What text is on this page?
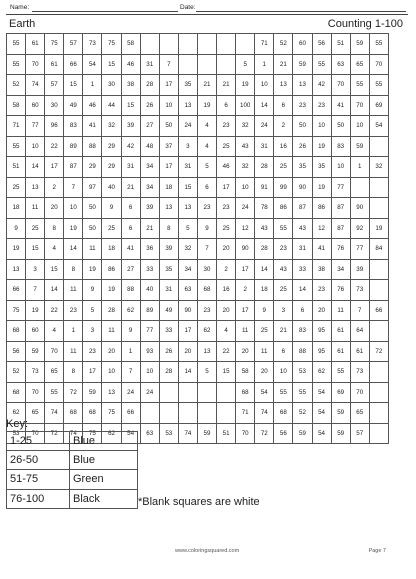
Name:	Date:
Earth	Counting 1-100
55	61	75	57	73	75	58							71	52	60	56	51	59	55
55	70	61	66	54	15	46	31	7				5	1	21	59	55	63	65	70
52	74	57	15	1	30	38	28	17	35	21	21	19	10	13	13	42	70	55	55
58	60	30	49	46	44	15	26	10	13	19	6	100	14	6	23	23	41	70	69
71	77	96	83	41	32	39	27	50	24	4	23	32	24	2	50	10	50	10	54
55	10	22	89	88	29	42	48	37	3	4	25	43	31	16	26	19	83	59	
51	14	17	87	29	29	31	34	17	31	5	46	32	28	25	35	35	10	1	32
25	13	2	7	97	40	21	34	18	15	6	17	10	91	99	90	19	77		
18	11	20	10	50	9	6	39	13	13	23	23	24	78	86	87	86	87	90	
9	25	8	19	50	25	6	21	8	5	9	25	12	43	55	43	12	87	92	19
19	15	4	14	11	18	41	36	39	32	7	20	90	28	23	31	41	76	77	84
13	3	15	8	19	86	27	33	35	34	30	2	17	14	43	33	38	34	39	
66	7	14	11	9	19	88	40	31	63	68	16	2	18	25	14	23	76	73	
75	19	22	23	5	28	62	89	49	90	23	20	17	9	3	6	20	11	7	66
68	60	4	1	3	11	9	77	33	17	62	4	11	25	21	83	95	61	64	
56	59	70	11	23	20	1	93	26	20	13	22	20	11	6	88	95	61	61	72
52	73	65	8	17	10	7	10	28	14	5	15	58	20	10	53	62	55	73	
68	70	55	72	59	13	24	24					68	54	55	55	54	69	70	
62	65	74	68	68	75	66						71	74	68	52	54	59	65	
53	70	72	74	75	62	54	63	53	74	59	51	70	72	56	59	54	59	57	
Key:
1-25	Blue
26-50	Blue
51-75	Green
76-100	Black	*Blank squares are white
www.coloringsquared.com	Page 7
